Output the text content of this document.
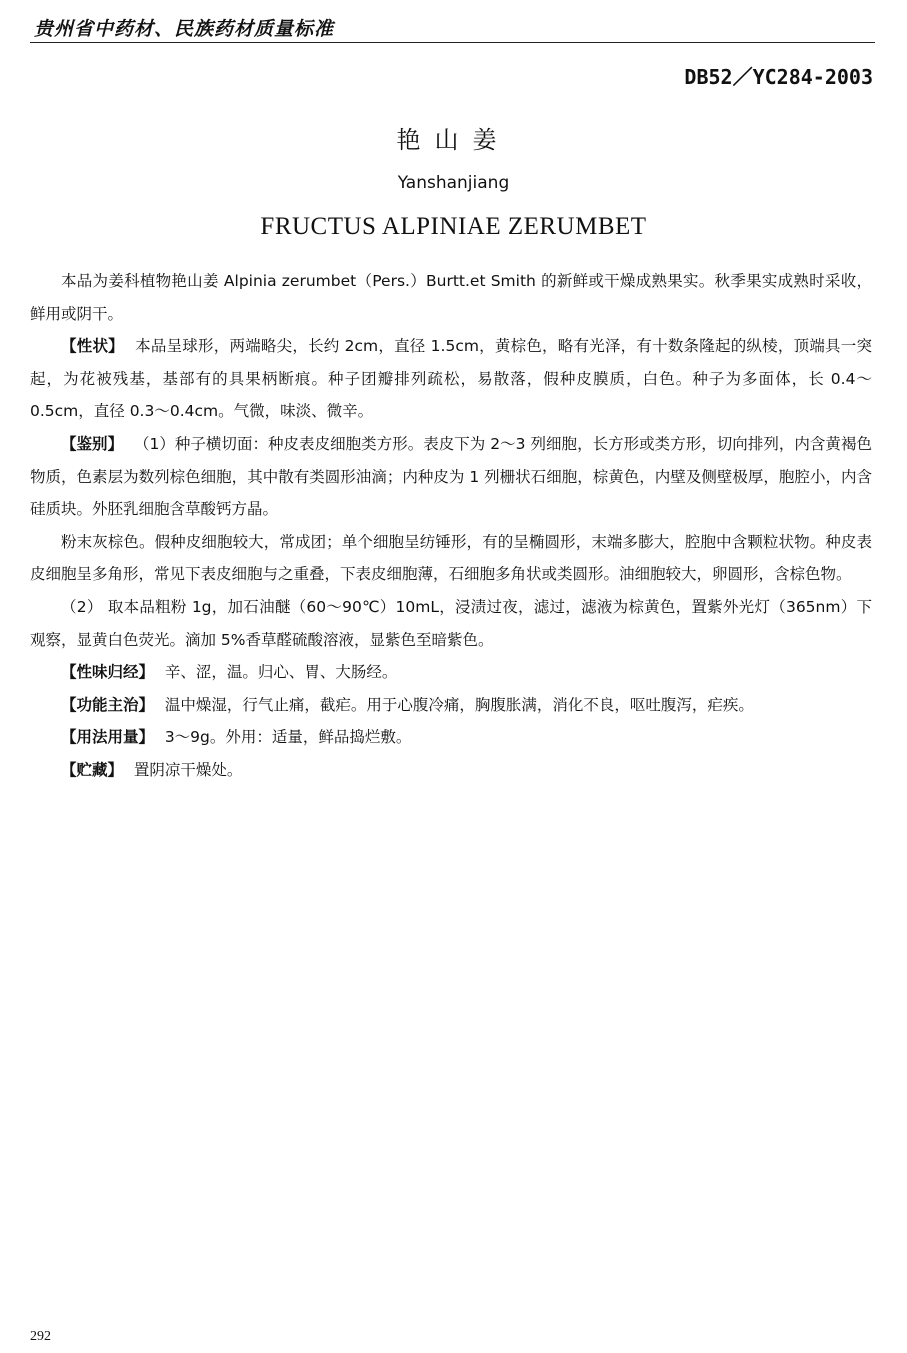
贵州省中药材、民族药材质量标准
DB52／YC284-2003
艳山姜
Yanshanjiang
FRUCTUS ALPINIAE ZERUMBET

本品为姜科植物艳山姜 Alpinia zerumbet（Pers.）Burtt.et Smith 的新鲜或干燥成熟果实。秋季果实成熟时采收，鲜用或阴干。

【性状】 本品呈球形，两端略尖，长约 2cm，直径 1.5cm，黄棕色，略有光泽，有十数条隆起的纵棱，顶端具一突起，为花被残基，基部有的具果柄断痕。种子团瓣排列疏松，易散落，假种皮膜质，白色。种子为多面体，长 0.4～0.5cm，直径 0.3～0.4cm。气微，味淡、微辛。

【鉴别】 （1）种子横切面：种皮表皮细胞类方形。表皮下为 2～3 列细胞，长方形或类方形，切向排列，内含黄褐色物质，色素层为数列棕色细胞，其中散有类圆形油滴；内种皮为 1 列栅状石细胞，棕黄色，内壁及侧壁极厚，胞腔小，内含硅质块。外胚乳细胞含草酸钙方晶。

粉末灰棕色。假种皮细胞较大，常成团；单个细胞呈纺锤形，有的呈椭圆形，末端多膨大，腔胞中含颗粒状物。种皮表皮细胞呈多角形，常见下表皮细胞与之重叠，下表皮细胞薄，石细胞多角状或类圆形。油细胞较大，卵圆形，含棕色物。

（2） 取本品粗粉 1g，加石油醚（60～90℃）10mL，浸渍过夜，滤过，滤液为棕黄色，置紫外光灯（365nm）下观察，显黄白色荧光。滴加 5%香草醛硫酸溶液，显紫色至暗紫色。

【性味归经】 辛、涩，温。归心、胃、大肠经。

【功能主治】 温中燥湿，行气止痛，截疟。用于心腹冷痛，胸腹胀满，消化不良，呕吐腹泻，疟疾。

【用法用量】 3～9g。外用：适量，鲜品捣烂敷。

【贮藏】 置阴凉干燥处。

292
